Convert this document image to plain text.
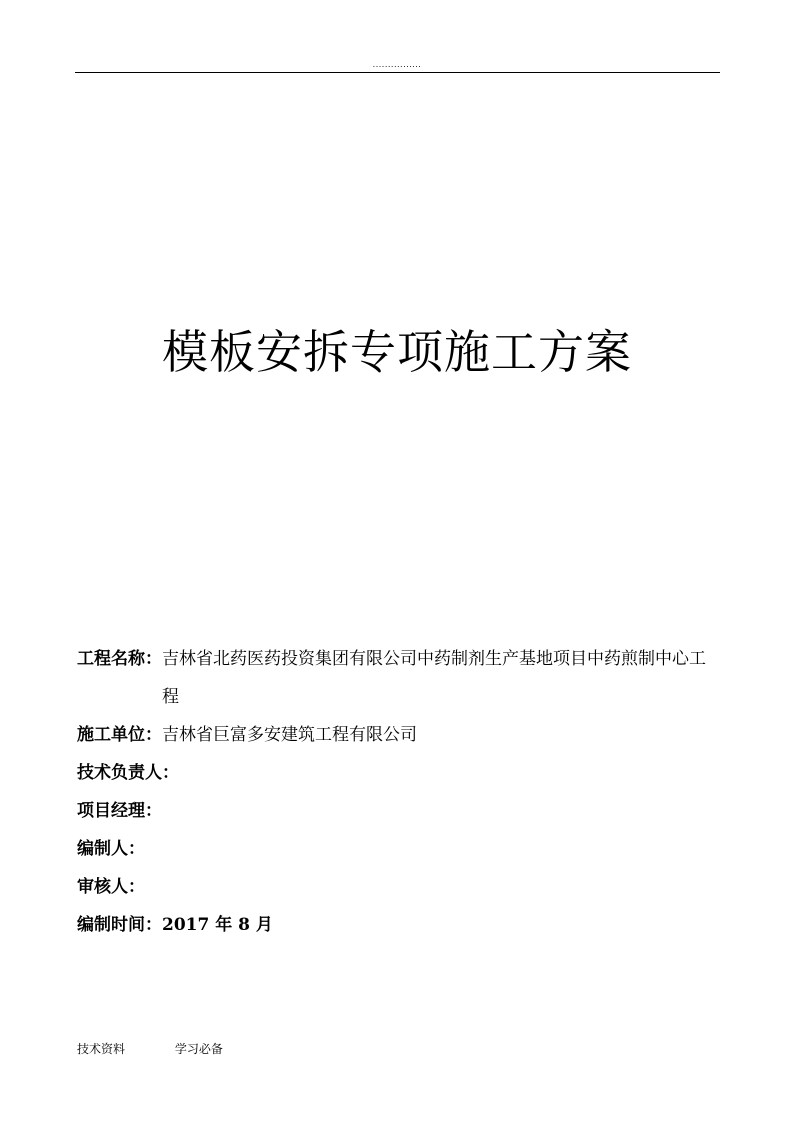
................
模板安拆专项施工方案
工程名称： 吉林省北药医药投资集团有限公司中药制剂生产基地项目中药煎制中心工程
施工单位： 吉林省巨富多安建筑工程有限公司
技术负责人：
项目经理：
编制人：
审核人：
编制时间： 2017 年 8 月
技术资料	学习必备
